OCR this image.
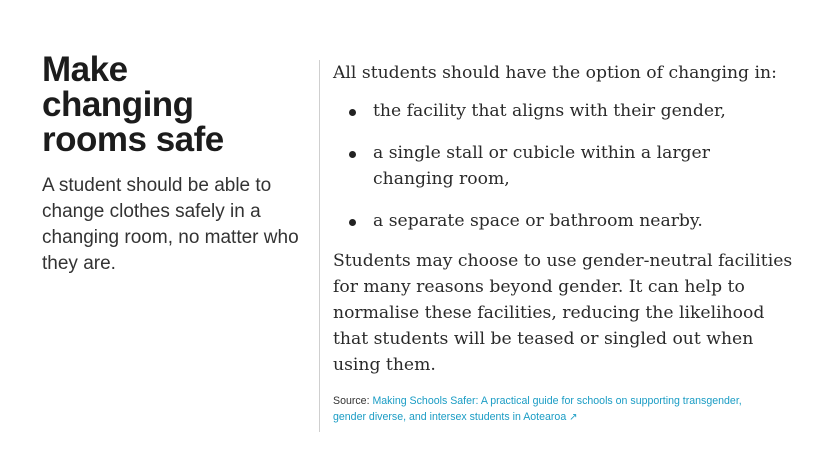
Make
changing
rooms safe

A student should be able to change clothes safely in a changing room, no matter who they are.

All students should have the option of changing in:

the facility that aligns with their gender,
a single stall or cubicle within a larger changing room,
a separate space or bathroom nearby.

Students may choose to use gender-neutral facilities for many reasons beyond gender. It can help to normalise these facilities, reducing the likelihood that students will be teased or singled out when using them.

Source: Making Schools Safer: A practical guide for schools on supporting transgender, gender diverse, and intersex students in Aotearoa ↗
